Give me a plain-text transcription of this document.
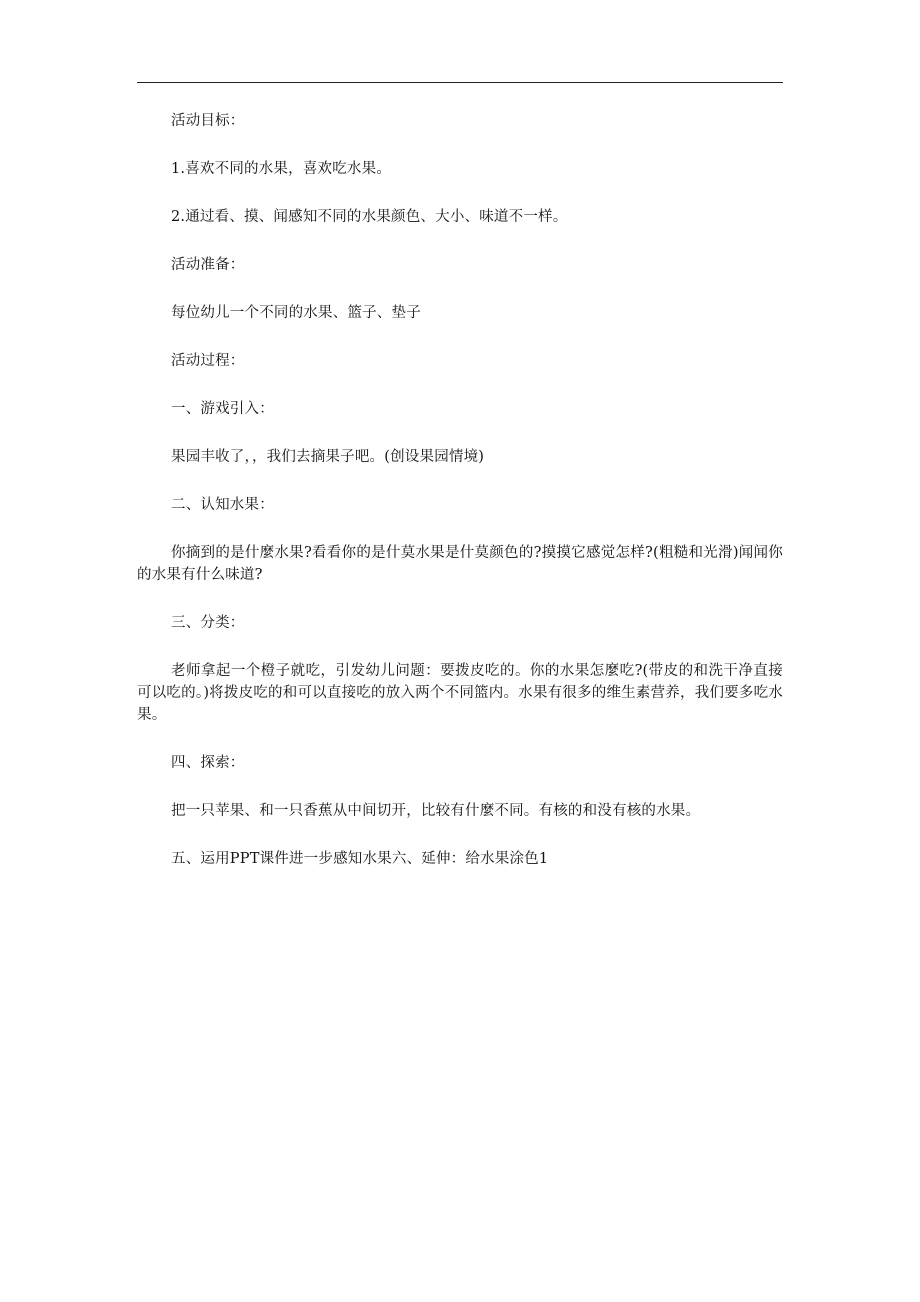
活动目标：

1.喜欢不同的水果，喜欢吃水果。

2.通过看、摸、闻感知不同的水果颜色、大小、味道不一样。

活动准备：

每位幼儿一个不同的水果、篮子、垫子

活动过程：

一、游戏引入：

果园丰收了，，我们去摘果子吧。(创设果园情境)

二、认知水果：

你摘到的是什麼水果?看看你的是什莫水果是什莫颜色的?摸摸它感觉怎样?(粗糙和光滑)闻闻你的水果有什么味道?

三、分类：

老师拿起一个橙子就吃，引发幼儿问题：要拨皮吃的。你的水果怎麼吃?(带皮的和洗干净直接可以吃的。)将拨皮吃的和可以直接吃的放入两个不同篮内。水果有很多的维生素营养，我们要多吃水果。

四、探索：

把一只苹果、和一只香蕉从中间切开，比较有什麼不同。有核的和没有核的水果。

五、运用PPT课件进一步感知水果六、延伸：给水果涂色1
